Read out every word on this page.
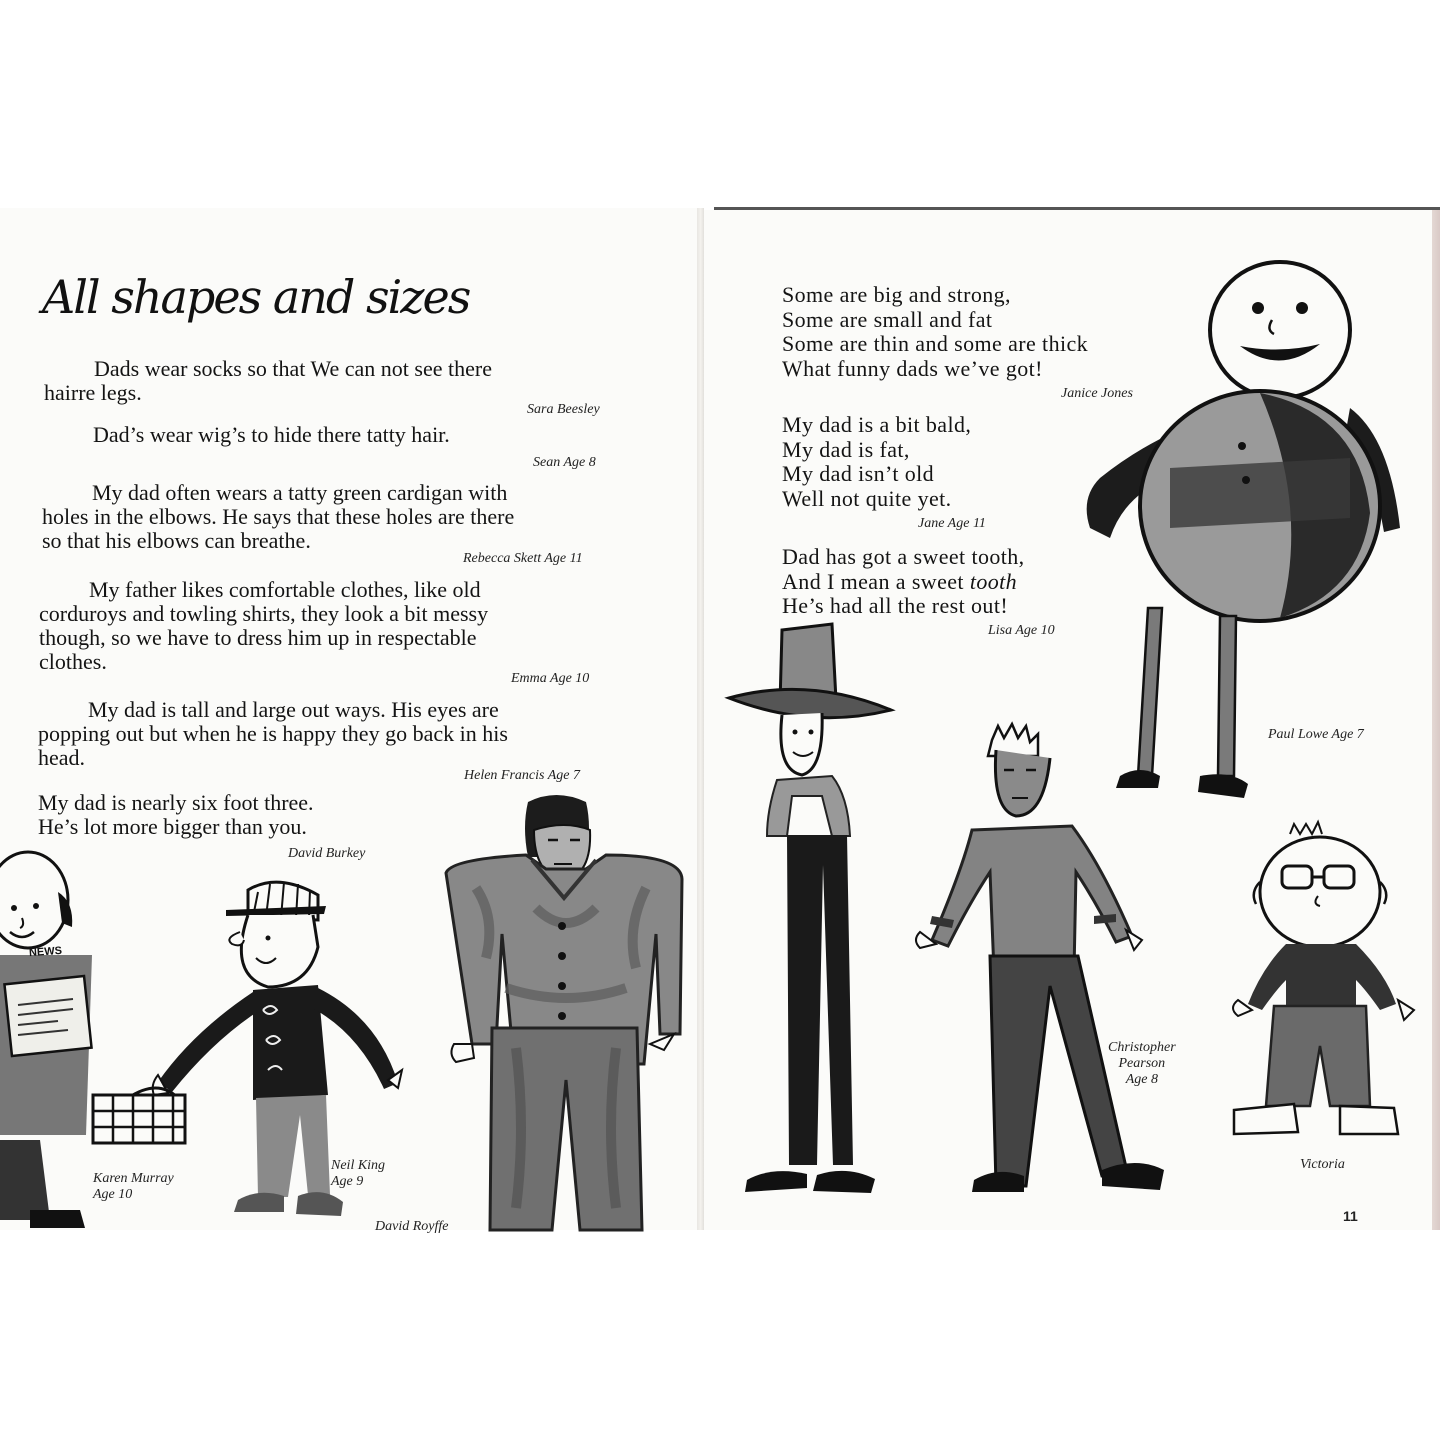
All shapes and sizes
Dads wear socks so that We can not see there
hairre legs.
Sara Beesley
Dad’s wear wig’s to hide there tatty hair.
Sean Age 8
My dad often wears a tatty green cardigan with
holes in the elbows. He says that these holes are there
so that his elbows can breathe.
Rebecca Skett Age 11
My father likes comfortable clothes, like old
corduroys and towling shirts, they look a bit messy
though, so we have to dress him up in respectable
clothes.
Emma Age 10
My dad is tall and large out ways. His eyes are
popping out but when he is happy they go back in his
head.
Helen Francis Age 7
My dad is nearly six foot three.
He’s lot more bigger than you.
David Burkey
NEWS
Karen Murray
Age 10
Neil King
Age 9
David Royffe
Some are big and strong,
Some are small and fat
Some are thin and some are thick
What funny dads we’ve got!
Janice Jones
My dad is a bit bald,
My dad is fat,
My dad isn’t old
Well not quite yet.
Jane Age 11
Dad has got a sweet tooth,
And I mean a sweet tooth
He’s had all the rest out!
Lisa Age 10
Paul Lowe Age 7
Christopher
Pearson
Age 8
Victoria
11
